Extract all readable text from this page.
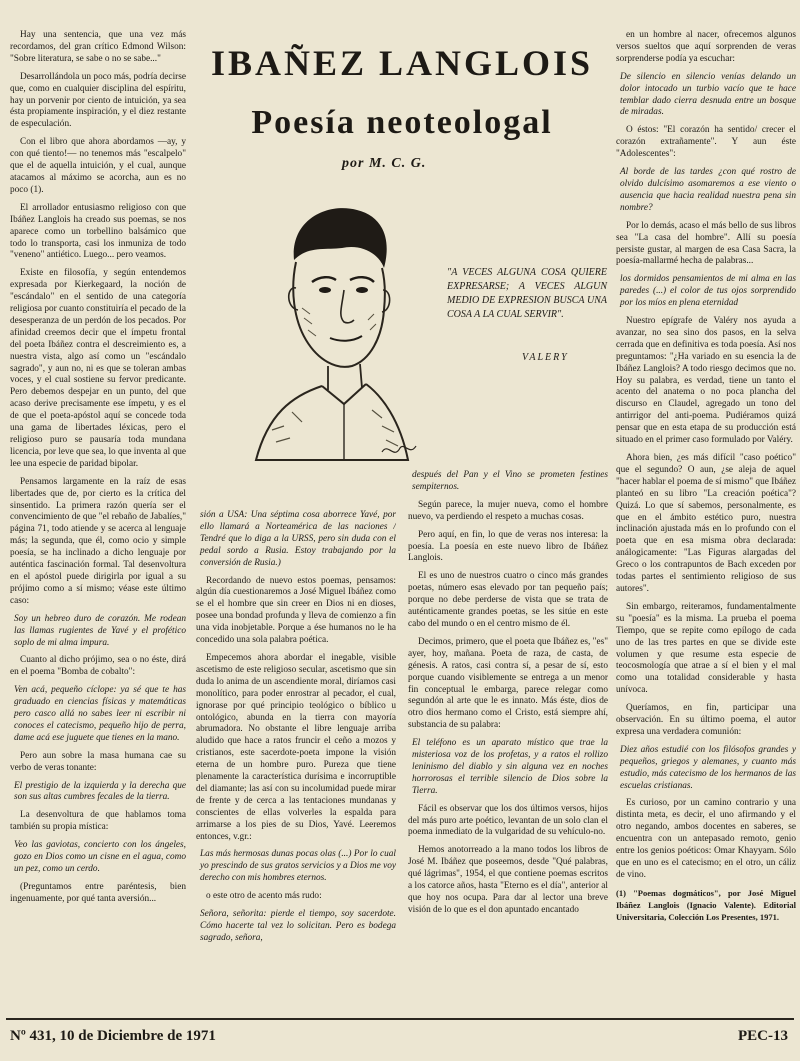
Hay una sentencia, que una vez más recordamos, del gran crítico Edmond Wilson: "Sobre literatura, se sabe o no se sabe..."

Desarrollándola un poco más, podría decirse que, como en cualquier disciplina del espíritu, hay un porvenir por ciento de intuición, ya sea ésta propiamente inspiración, y el diez restante de especulación.

Con el libro que ahora abordamos —ay, y con qué tiento!— no tenemos más "escalpelo" que el de aquella intuición, y el cual, aunque atacamos al máximo se acorcha, aun es no poco (1).

El arrollador entusiasmo religioso con que Ibáñez Langlois ha creado sus poemas, se nos aparece como un torbellino balsámico que todo lo transporta, casi los inmuniza de todo "veneno" antiético. Luego... pero veamos.

Existe en filosofía, y según entendemos expresada por Kierkegaard, la noción de "escándalo" en el sentido de una categoría religiosa por cuanto constituiría el pecado de la desesperanza de un perdón de los pecados. Por afinidad creemos decir que el ímpetu frontal del poeta Ibáñez contra el descreimiento es, a nuestra vista, algo así como un "escándalo sagrado", y aun no, ni es que se toleran ambas voces, y el cual sostiene su fervor predicante. Pero debemos despejar en un punto, del que acaso derive precisamente ese ímpetu, y es el de que el poeta-apóstol aquí se concede toda una gama de libertades léxicas, pero el religioso puro se pausaría toda mundana licencia, por leve que sea, lo que inventa al que lee una especie de paridad bipolar.

Pensamos largamente en la raíz de esas libertades que de, por cierto es la crítica del sinsentido. La primera razón quería ser el convencimiento de que "el rebaño de Jabalíes," página 71, todo atiende y se acerca al lenguaje más; la segunda, que él, como ocio y simple poesía, se ha inclinado a dicho lenguaje por auténtica fascinación formal. Tal desenvoltura en el apóstol puede dirigirla por igual a su prójimo como a sí mismo; véase este último caso:

Soy un hebreo duro de corazón. Me rodean las llamas rugientes de Yavé y el profético soplo de mi alma impura.

Cuanto al dicho prójimo, sea o no éste, dirá en el poema "Bomba de cobalto":

Ven acá, pequeño cíclope: ya sé que te has graduado en ciencias físicas y matemáticas pero casco allá no sabes leer ni escribir ni conoces el catecismo, pequeño hijo de perra, dame acá ese juguete que tienes en la mano.

Pero aun sobre la masa humana cae su verbo de veras tonante:

El prestigio de la izquierda y la derecha que son sus altas cumbres fecales de la tierra.

La desenvoltura de que hablamos toma también su propia mística:

Veo las gaviotas, concierto con los ángeles, gozo en Dios como un cisne en el agua, como un pez, como un cerdo.

(Preguntamos entre paréntesis, bien ingenuamente, por qué tanta aversión...

IBAÑEZ LANGLOIS
Poesía neoteologal
por M. C. G.
"A VECES ALGUNA COSA QUIERE EXPRESARSE; A VECES ALGUN MEDIO DE EXPRESION BUSCA UNA COSA A LA CUAL SERVIR".
VALERY

sión a USA: Una séptima cosa aborrece Yavé, por ello llamará a Norteamérica de las naciones / Tendré que lo diga a la URSS, pero sin duda con el pedal sordo a Rusia. Estoy trabajando por la conversión de Rusia.)

Recordando de nuevo estos poemas, pensamos: algún día cuestionaremos a José Miguel Ibáñez como se el el hombre que sin creer en Dios ni en dioses, posee una bondad profunda y lleva de comienzo a fin una vida inobjetable. Porque a ése humanos no le ha concedido una sola palabra poética.

Empecemos ahora abordar el inegable, visible ascetismo de este religioso secular, ascetismo que sin duda lo anima de un ascendiente moral, diríamos casi monolítico, para poder enrostrar al pecador, el cual, ignorase por qué principio teológico o bíblico u ontológico, abunda en la tierra con mayoría abrumadora. No obstante el libre lenguaje arriba aludido que hace a ratos fruncir el ceño a mozos y cristianos, este sacerdote-poeta impone la visión eterna de un hombre puro. Pureza que tiene plenamente la característica durísima e incorruptible del diamante; las así con su incolumidad puede mirar de frente y de cerca a las tentaciones mundanas y conscientes de ellas volverles la espalda para arrimarse a los pies de su Dios, Yavé. Leeremos entonces, v.gr.:

Las más hermosas dunas pocas olas (...) Por lo cual yo prescindo de sus gratos servicios y a Dios me voy derecho con mis hombres eternos.

o este otro de acento más rudo:

Señora, señorita: pierde el tiempo, soy sacerdote. Cómo hacerte tal vez lo solicitan. Pero es bodega sagrado, señora,

después del Pan y el Vino se prometen festines sempiternos.

Según parece, la mujer nueva, como el hombre nuevo, va perdiendo el respeto a muchas cosas.

Pero aquí, en fin, lo que de veras nos interesa: la poesía. La poesía en este nuevo libro de Ibáñez Langlois.

El es uno de nuestros cuatro o cinco más grandes poetas, número esas elevado por tan pequeño país; porque no debe perderse de vista que se trata de auténticamente grandes poetas, se les sitúe en este cabo del mundo o en el centro mismo de él.

Decimos, primero, que el poeta que Ibáñez es, "es" ayer, hoy, mañana. Poeta de raza, de casta, de génesis. A ratos, casi contra sí, a pesar de sí, esto porque cuando visiblemente se entrega a un menor fin conceptual le embarga, parece relegar como segundón al arte que le es innato. Más éste, dios de otro dios hermano como el Cristo, está siempre ahí, substancia de su palabra:

El teléfono es un aparato místico que trae la misteriosa voz de los profetas, y a ratos el rollizo leninismo del diablo y sin alguna vez en noches horrorosas el terrible silencio de Dios sobre la Tierra.

Fácil es observar que los dos últimos versos, hijos del más puro arte poético, levantan de un solo clan el poema inmediato de la vulgaridad de su vehículo-no.

Hemos anotorreado a la mano todos los libros de José M. Ibáñez que poseemos, desde "Qué palabras, qué lágrimas", 1954, el que contiene poemas escritos a los catorce años, hasta "Eterno es el día", anterior al que hoy nos ocupa. Para dar al lector una breve visión de lo que es el don apuntado encantado

en un hombre al nacer, ofrecemos algunos versos sueltos que aquí sorprenden de veras sorprenderse podía ya escuchar:

De silencio en silencio venías delando un dolor intocado un turbio vacío que te hace temblar dado cierra desnuda entre un bosque de miradas.

O éstos: "El corazón ha sentido/ crecer el corazón extrañamente". Y aun éste "Adolescentes":

Al borde de las tardes ¿con qué rostro de olvido dulcísimo asomaremos a ese viento o ausencia que hacia realidad nuestra pena sin nombre?

Por lo demás, acaso el más bello de sus libros sea "La casa del hombre". Allí su poesía persiste gustar, al margen de esa Casa Sacra, la poesía-mallarmé hecha de palabras...

los dormidos pensamientos de mi alma en las paredes (...) el color de tus ojos sorprendido por los míos en plena eternidad

Nuestro epígrafe de Valéry nos ayuda a avanzar, no sea sino dos pasos, en la selva cerrada que en definitiva es toda poesía. Así nos preguntamos: "¿Ha variado en su esencia la de Ibáñez Langlois? A todo riesgo decimos que no. Hoy su palabra, es verdad, tiene un tanto el acento del anatema o no poca plancha del discurso en Claudel, agregado un tono del antirrigor del anti-poema. Pudiéramos quizá pensar que en esta etapa de su producción está situado en el primer caso formulado por Valéry.

Ahora bien, ¿es más difícil "caso poético" que el segundo? O aun, ¿se aleja de aquel "hacer hablar el poema de sí mismo" que Ibáñez planteó en su libro "La creación poética"? Quizá. Lo que sí sabemos, personalmente, es que en el ámbito estético puro, nuestra inclinación ajustada más en lo profundo con el poeta que en esa misma obra declarada: análogicamente: "Las Figuras alargadas del Greco o los contrapuntos de Bach exceden por todas partes el sentimiento religioso de sus autores".

Sin embargo, reiteramos, fundamentalmente su "poesía" es la misma. La prueba el poema Tiempo, que se repite como epílogo de cada uno de las tres partes en que se divide este volumen y que resume esta especie de teocosmología que atrae a sí el bien y el mal como una totalidad considerable y hasta unívoca.

Queríamos, en fin, participar una observación. En su último poema, el autor expresa una verdadera comunión:

Diez años estudié con los filósofos grandes y pequeños, griegos y alemanes, y cuanto más estudio, más catecismo de los hermanos de las escuelas cristianas.

Es curioso, por un camino contrario y una distinta meta, es decir, el uno afirmando y el otro negando, ambos docentes en saberes, se encuentra con un antepasado remoto, genio entre los genios poéticos: Omar Khayyam. Sólo que en uno es el catecismo; en el otro, un cáliz de vino.

(1) "Poemas dogmáticos", por José Miguel Ibáñez Langlois (Ignacio Valente). Editorial Universitaria, Colección Los Presentes, 1971.

Nº 431, 10 de Diciembre de 1971	PEC-13
